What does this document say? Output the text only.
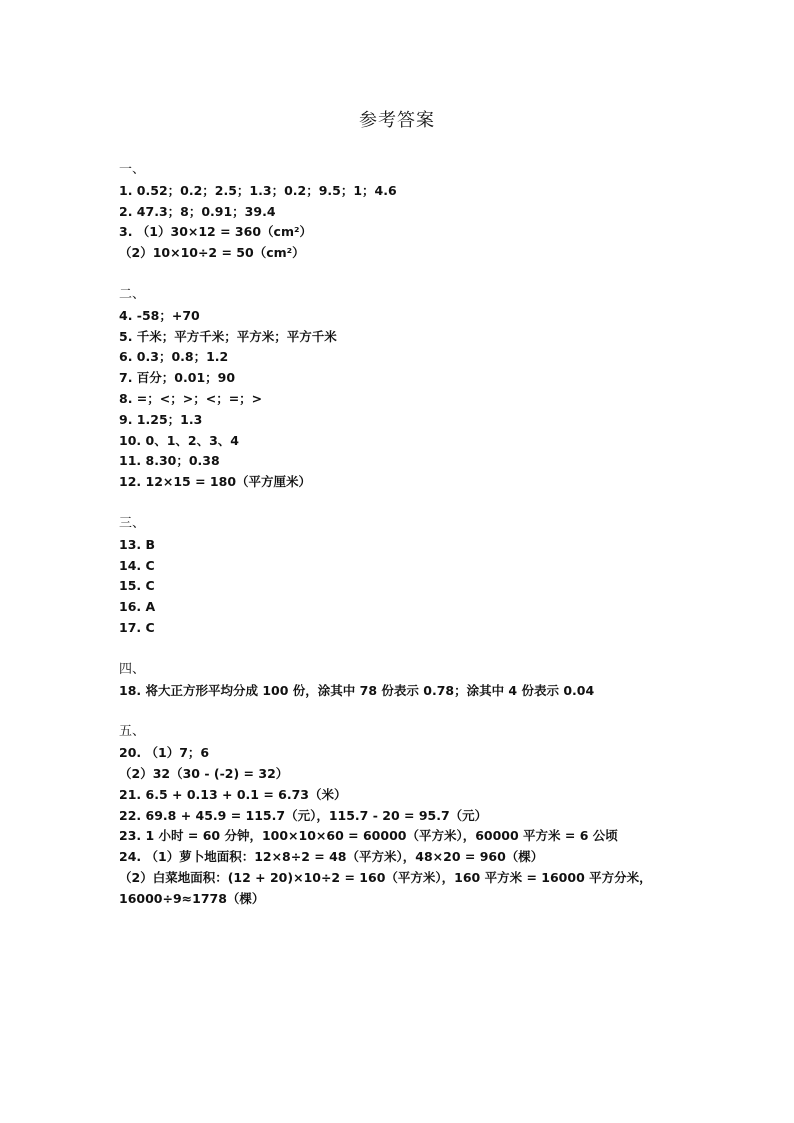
参考答案
一、
1. 0.52；0.2；2.5；1.3；0.2；9.5；1；4.6
2. 47.3；8；0.91；39.4
3. （1）30×12 = 360（cm²）
（2）10×10÷2 = 50（cm²）
二、
4. -58；+70
5. 千米；平方千米；平方米；平方千米
6. 0.3；0.8；1.2
7. 百分；0.01；90
8. =；<；>；<；=；>
9. 1.25；1.3
10. 0、1、2、3、4
11. 8.30；0.38
12. 12×15 = 180（平方厘米）
三、
13. B
14. C
15. C
16. A
17. C
四、
18. 将大正方形平均分成 100 份，涂其中 78 份表示 0.78；涂其中 4 份表示 0.04
五、
20. （1）7；6
（2）32（30 - (-2) = 32）
21. 6.5 + 0.13 + 0.1 = 6.73（米）
22. 69.8 + 45.9 = 115.7（元），115.7 - 20 = 95.7（元）
23. 1 小时 = 60 分钟，100×10×60 = 60000（平方米），60000 平方米 = 6 公顷
24. （1）萝卜地面积：12×8÷2 = 48（平方米），48×20 = 960（棵）
（2）白菜地面积：(12 + 20)×10÷2 = 160（平方米），160 平方米 = 16000 平方分米，
16000÷9≈1778（棵）
